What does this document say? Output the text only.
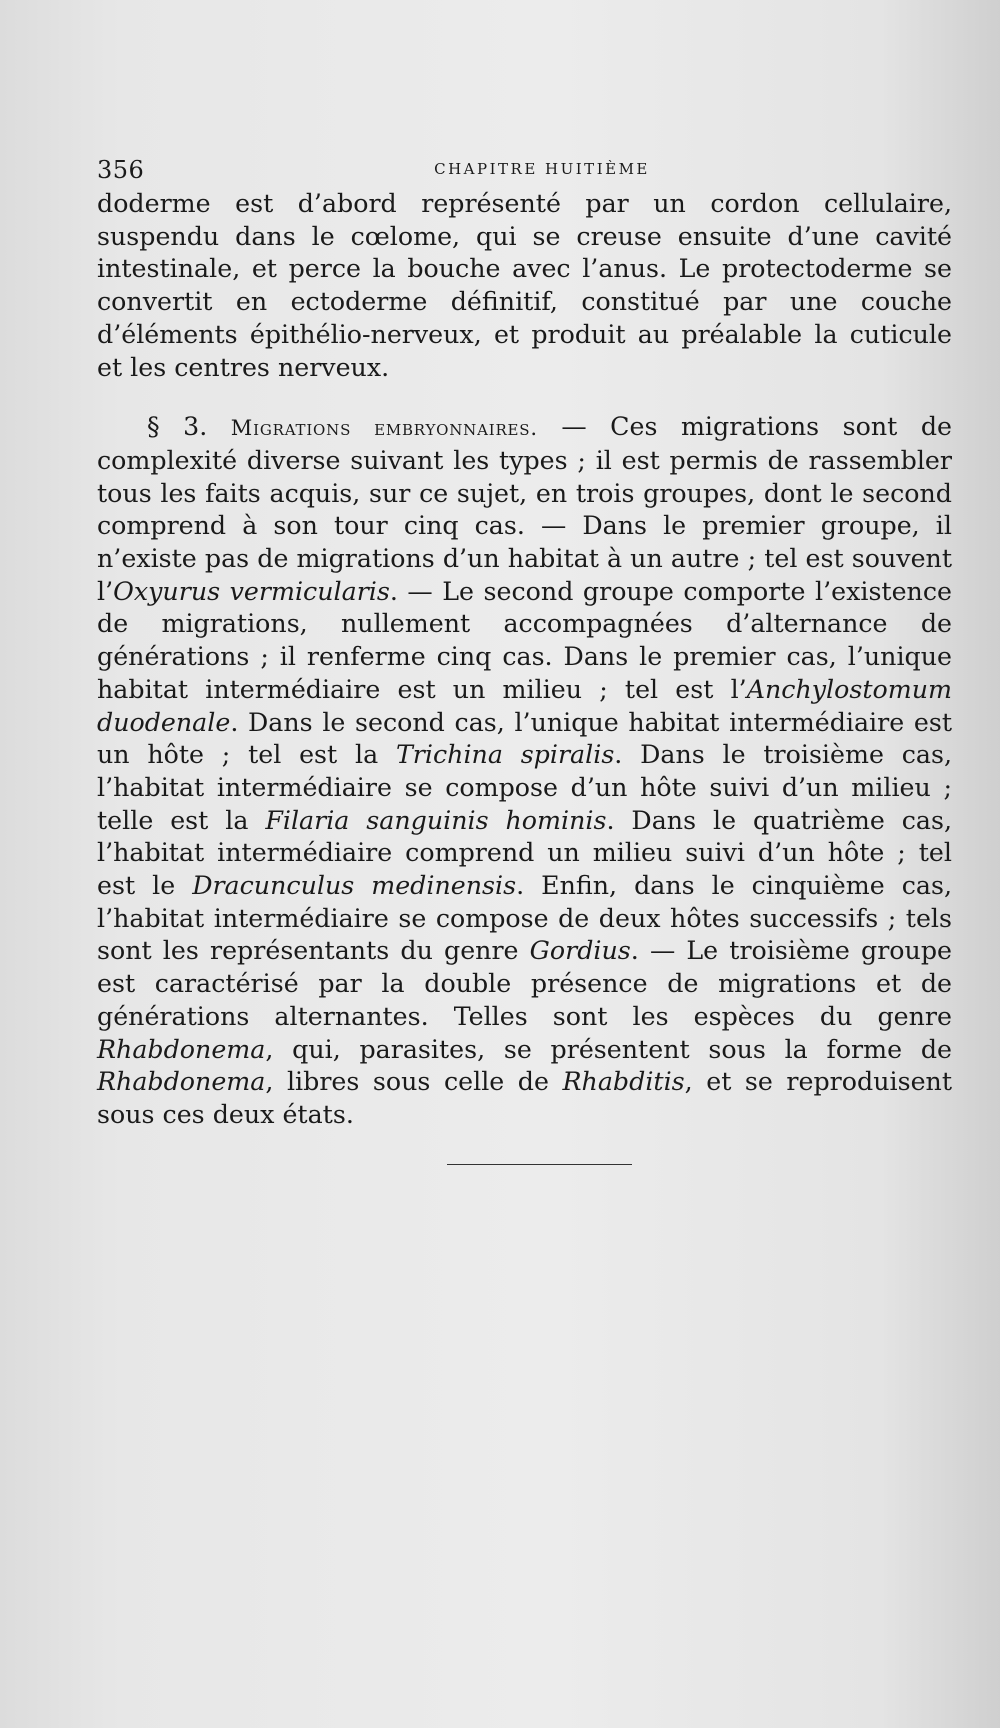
356	CHAPITRE HUITIÈME

doderme est d’abord représenté par un cordon cellulaire, suspendu dans le cœlome, qui se creuse ensuite d’une cavité intestinale, et perce la bouche avec l’anus. Le protectoderme se convertit en ectoderme définitif, constitué par une couche d’éléments épithélio-nerveux, et produit au préalable la cuticule et les centres nerveux.

§ 3. Migrations embryonnaires. — Ces migrations sont de complexité diverse suivant les types ; il est permis de rassembler tous les faits acquis, sur ce sujet, en trois groupes, dont le second comprend à son tour cinq cas. — Dans le premier groupe, il n’existe pas de migrations d’un habitat à un autre ; tel est souvent l’Oxyurus vermicularis. — Le second groupe comporte l’existence de migrations, nullement accompagnées d’alternance de générations ; il renferme cinq cas. Dans le premier cas, l’unique habitat intermédiaire est un milieu ; tel est l’Anchylostomum duodenale. Dans le second cas, l’unique habitat intermédiaire est un hôte ; tel est la Trichina spiralis. Dans le troisième cas, l’habitat intermédiaire se compose d’un hôte suivi d’un milieu ; telle est la Filaria sanguinis hominis. Dans le quatrième cas, l’habitat intermédiaire comprend un milieu suivi d’un hôte ; tel est le Dracunculus medinensis. Enfin, dans le cinquième cas, l’habitat intermédiaire se compose de deux hôtes successifs ; tels sont les représentants du genre Gordius. — Le troisième groupe est caractérisé par la double présence de migrations et de générations alternantes. Telles sont les espèces du genre Rhabdonema, qui, parasites, se présentent sous la forme de Rhabdonema, libres sous celle de Rhabditis, et se reproduisent sous ces deux états.
